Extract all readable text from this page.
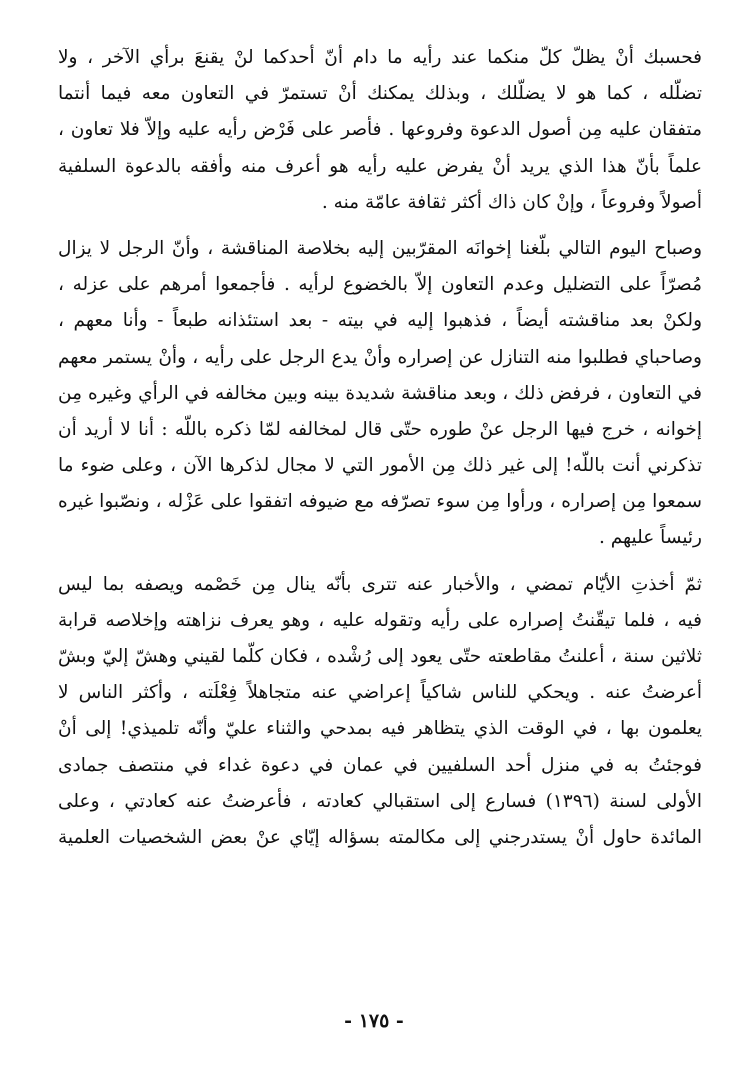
فحسبك أنْ يظلّ كلّ منكما عند رأيه ما دام أنّ أحدكما لنْ يقنعَ برأي الآخر ، ولا
تضلّله ، كما هو لا يضلّلك ، وبذلك يمكنك أنْ تستمرّ في التعاون معه فيما أنتما
متفقان عليه مِن أصول الدعوة وفروعها . فأصر على فَرْض رأيه عليه وإلاّ فلا تعاون ،
علماً بأنّ هذا الذي يريد أنْ يفرض عليه رأيه هو أعرف منه وأفقه بالدعوة السلفية
أصولاً وفروعاً ، وإنْ كان ذاك أكثر ثقافة عامّة منه .
وصباح اليوم التالي بلّغنا إخوانَه المقرّبين إليه بخلاصة المناقشة ، وأنّ الرجل لا يزال
مُصرّاً على التضليل وعدم التعاون إلاّ بالخضوع لرأيه . فأجمعوا أمرهم على عزله ،
ولكنْ بعد مناقشته أيضاً ، فذهبوا إليه في بيته - بعد استئذانه طبعاً - وأنا معهم ،
وصاحباي فطلبوا منه التنازل عن إصراره وأنْ يدع الرجل على رأيه ، وأنْ يستمر معهم
في التعاون ، فرفض ذلك ، وبعد مناقشة شديدة بينه وبين مخالفه في الرأي وغيره مِن
إخوانه ، خرج فيها الرجل عنْ طوره حتّى قال لمخالفه لمّا ذكره باللّه : أنا لا أريد أن
تذكرني أنت باللّه! إلى غير ذلك مِن الأمور التي لا مجال لذكرها الآن ، وعلى ضوء ما
سمعوا مِن إصراره ، ورأوا مِن سوء تصرّفه مع ضيوفه اتفقوا على عَزْله ، ونصّبوا غيره
رئيساً عليهم .
ثمّ أخذتِ الأيّام تمضي ، والأخبار عنه تترى بأنّه ينال مِن خَصْمه ويصفه بما ليس
فيه ، فلما تيقّنتُ إصراره على رأيه وتقوله عليه ، وهو يعرف نزاهته وإخلاصه قرابة
ثلاثين سنة ، أعلنتُ مقاطعته حتّى يعود إلى رُشْده ، فكان كلّما لقيني وهشّ إليّ وبشّ
أعرضتُ عنه . ويحكي للناس شاكياً إعراضي عنه متجاهلاً فِعْلَته ، وأكثر الناس لا
يعلمون بها ، في الوقت الذي يتظاهر فيه بمدحي والثناء عليّ وأنّه تلميذي! إلى أنْ
فوجئتُ به في منزل أحد السلفيين في عمان في دعوة غداء في منتصف جمادى
الأولى لسنة (١٣٩٦) فسارع إلى استقبالي كعادته ، فأعرضتُ عنه كعادتي ، وعلى
المائدة حاول أنْ يستدرجني إلى مكالمته بسؤاله إيّاي عنْ بعض الشخصيات العلمية
- ١٧٥ -
